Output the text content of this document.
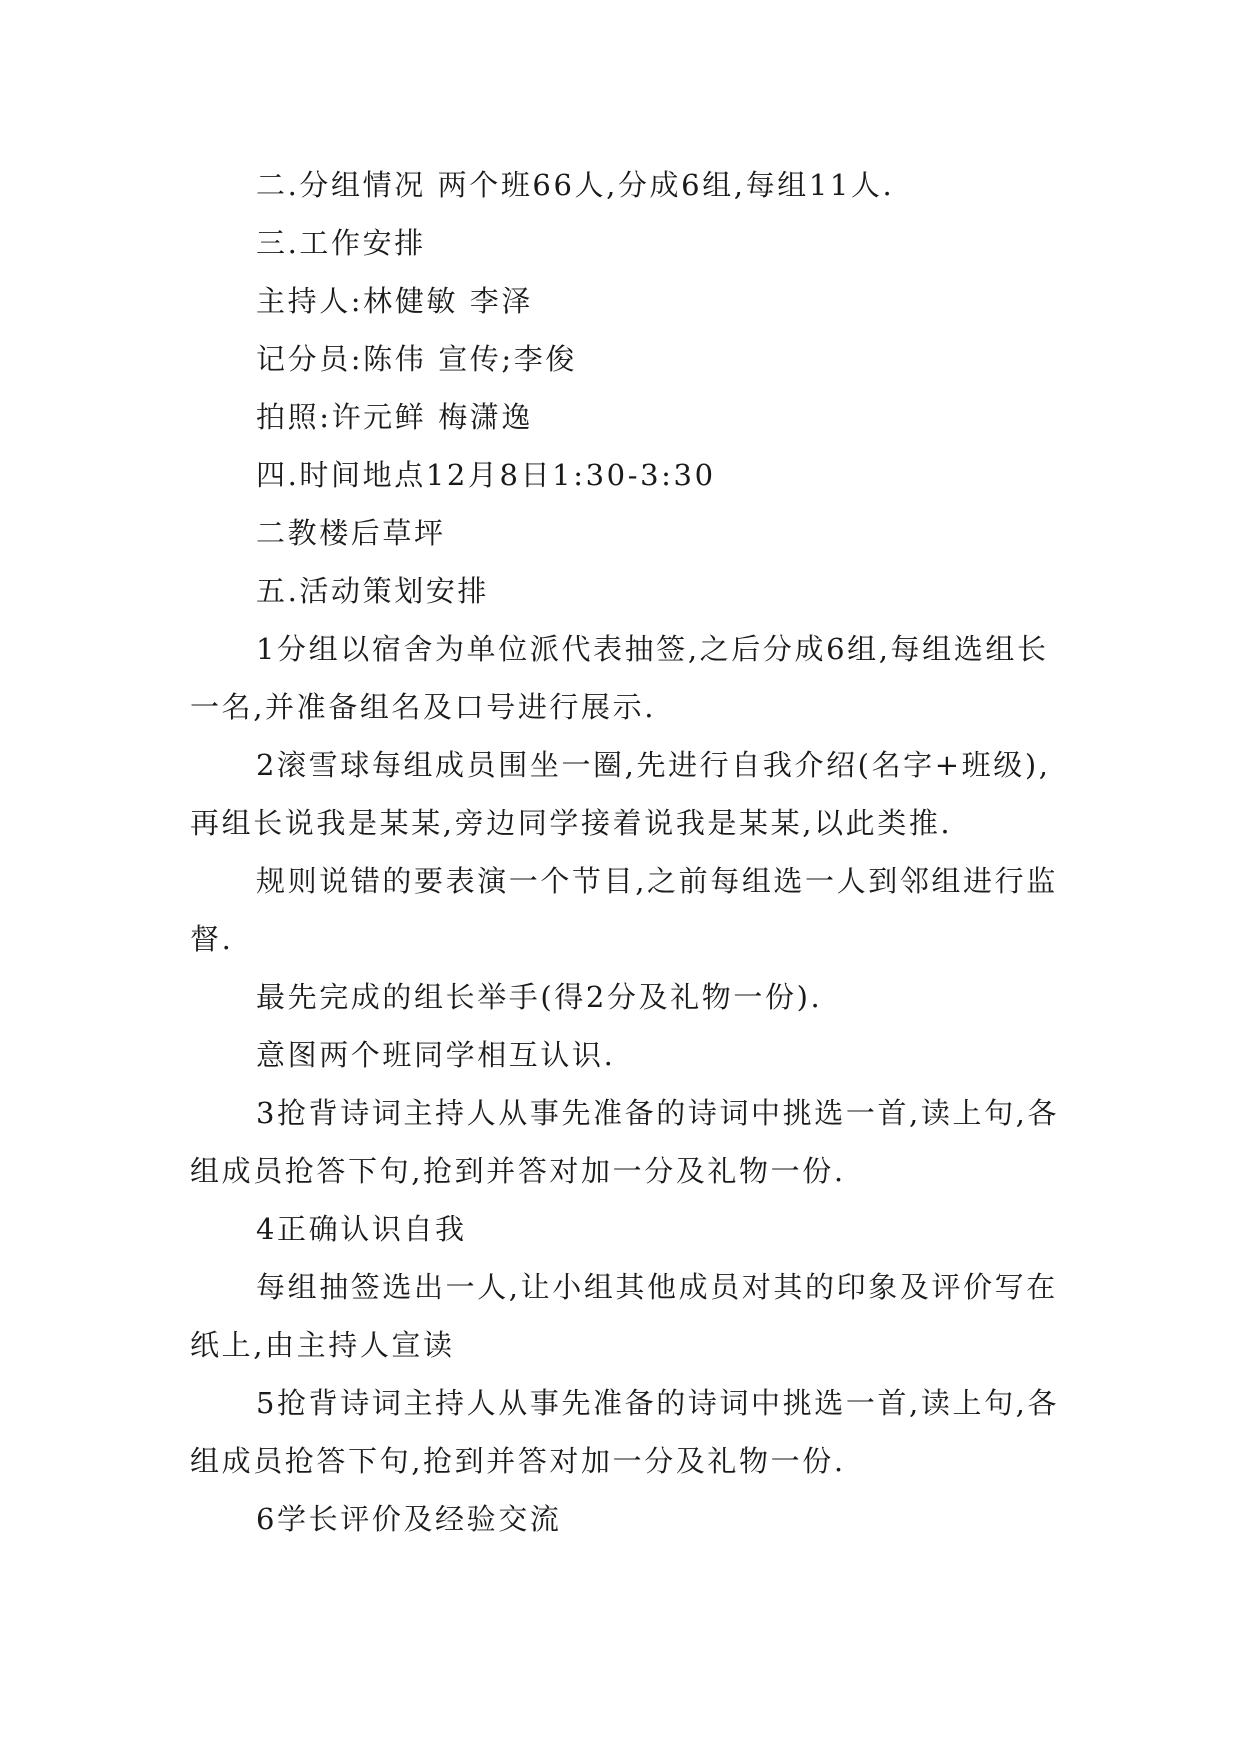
二.分组情况 两个班66人,分成6组,每组11人.

三.工作安排

主持人:林健敏 李泽

记分员:陈伟 宣传;李俊

拍照:许元鲜 梅潇逸

四.时间地点12月8日1:30-3:30

二教楼后草坪

五.活动策划安排

1分组以宿舍为单位派代表抽签,之后分成6组,每组选组长一名,并准备组名及口号进行展示.

2滚雪球每组成员围坐一圈,先进行自我介绍(名字+班级),再组长说我是某某,旁边同学接着说我是某某,以此类推.

规则说错的要表演一个节目,之前每组选一人到邻组进行监督.

最先完成的组长举手(得2分及礼物一份).

意图两个班同学相互认识.

3抢背诗词主持人从事先准备的诗词中挑选一首,读上句,各组成员抢答下句,抢到并答对加一分及礼物一份.

4正确认识自我

每组抽签选出一人,让小组其他成员对其的印象及评价写在纸上,由主持人宣读

5抢背诗词主持人从事先准备的诗词中挑选一首,读上句,各组成员抢答下句,抢到并答对加一分及礼物一份.

6学长评价及经验交流
